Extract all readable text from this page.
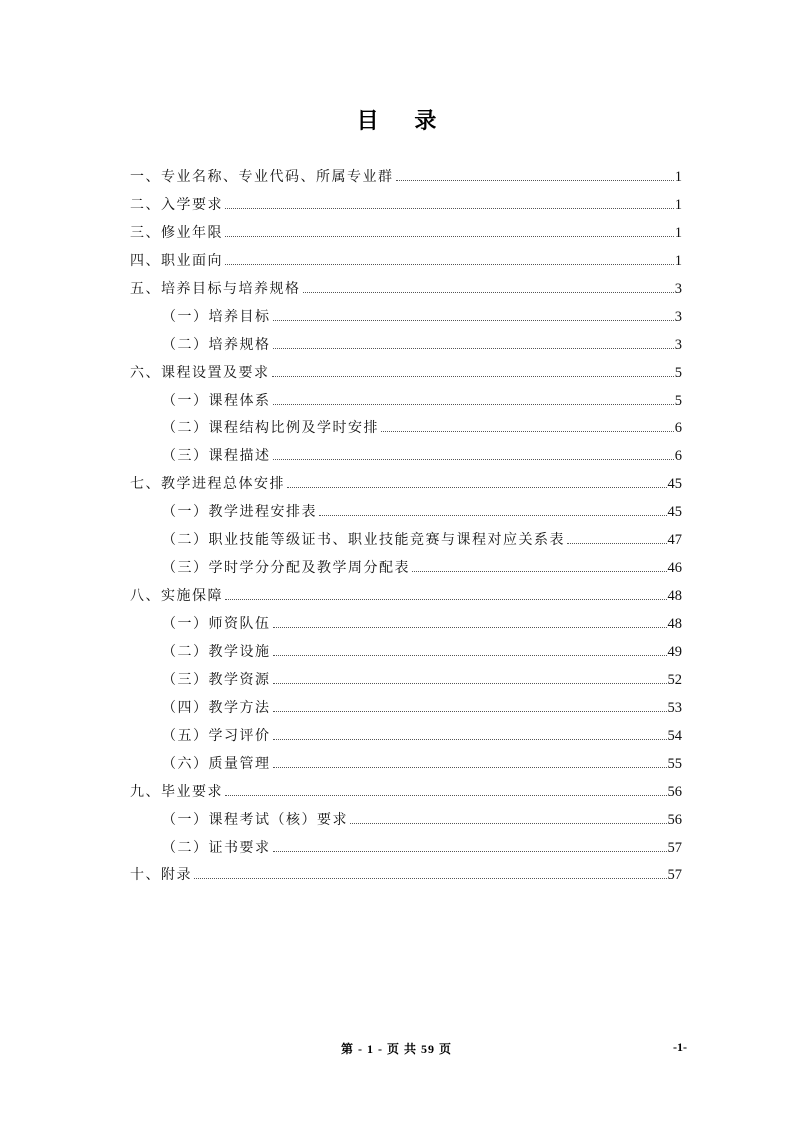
目 录
一、专业名称、专业代码、所属专业群	1
二、入学要求	1
三、修业年限	1
四、职业面向	1
五、培养目标与培养规格	3
（一）培养目标	3
（二）培养规格	3
六、课程设置及要求	5
（一）课程体系	5
（二）课程结构比例及学时安排	6
（三）课程描述	6
七、教学进程总体安排	45
（一）教学进程安排表	45
（二）职业技能等级证书、职业技能竞赛与课程对应关系表	47
（三）学时学分分配及教学周分配表	46
八、实施保障	48
（一）师资队伍	48
（二）教学设施	49
（三）教学资源	52
（四）教学方法	53
（五）学习评价	54
（六）质量管理	55
九、毕业要求	56
（一）课程考试（核）要求	56
（二）证书要求	57
十、附录	57
第 - 1 - 页 共 59 页	-1-
